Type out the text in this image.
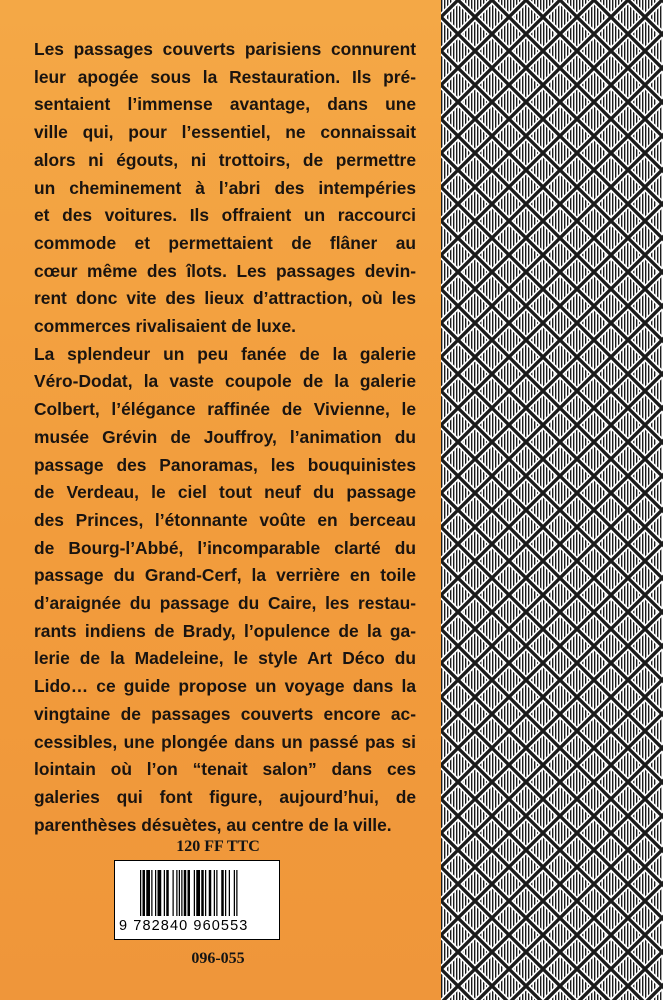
Les passages couverts parisiens connurent
leur apogée sous la Restauration. Ils pré-
sentaient l’immense avantage, dans une
ville qui, pour l’essentiel, ne connaissait
alors ni égouts, ni trottoirs, de permettre
un cheminement à l’abri des intempéries
et des voitures. Ils offraient un raccourci
commode et permettaient de flâner au
cœur même des îlots. Les passages devin-
rent donc vite des lieux d’attraction, où les
commerces rivalisaient de luxe.

La splendeur un peu fanée de la galerie
Véro-Dodat, la vaste coupole de la galerie
Colbert, l’élégance raffinée de Vivienne, le
musée Grévin de Jouffroy, l’animation du
passage des Panoramas, les bouquinistes
de Verdeau, le ciel tout neuf du passage
des Princes, l’étonnante voûte en berceau
de Bourg-l’Abbé, l’incomparable clarté du
passage du Grand-Cerf, la verrière en toile
d’araignée du passage du Caire, les restau-
rants indiens de Brady, l’opulence de la ga-
lerie de la Madeleine, le style Art Déco du
Lido… ce guide propose un voyage dans la
vingtaine de passages couverts encore ac-
cessibles, une plongée dans un passé pas si
lointain où l’on “tenait salon” dans ces
galeries qui font figure, aujourd’hui, de
parenthèses désuètes, au centre de la ville.

120 FF TTC
9 782840 960553
096-055
